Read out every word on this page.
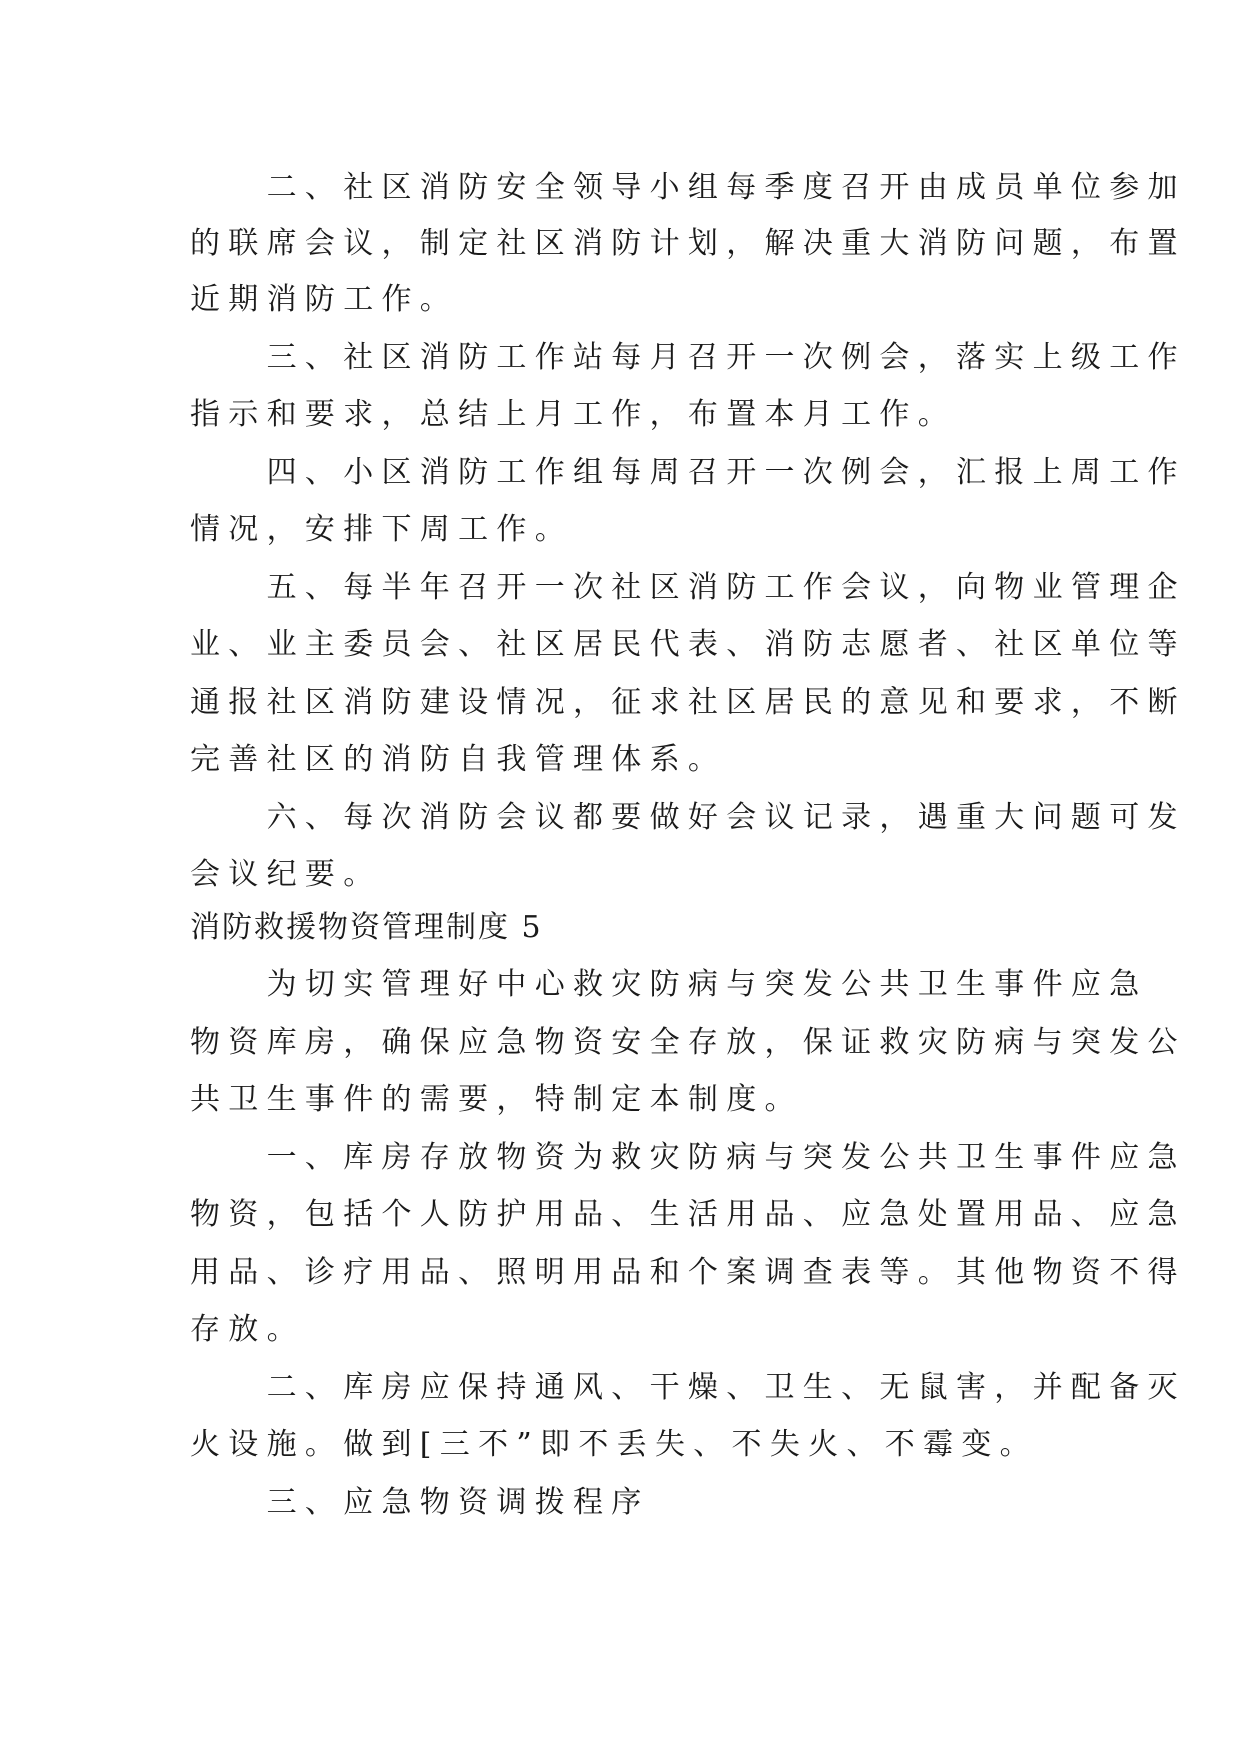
　　二、社区消防安全领导小组每季度召开由成员单位参加
的联席会议，制定社区消防计划，解决重大消防问题，布置
近期消防工作。
　　三、社区消防工作站每月召开一次例会，落实上级工作
指示和要求，总结上月工作，布置本月工作。
　　四、小区消防工作组每周召开一次例会，汇报上周工作
情况，安排下周工作。
　　五、每半年召开一次社区消防工作会议，向物业管理企
业、业主委员会、社区居民代表、消防志愿者、社区单位等
通报社区消防建设情况，征求社区居民的意见和要求，不断
完善社区的消防自我管理体系。
　　六、每次消防会议都要做好会议记录，遇重大问题可发
会议纪要。
消防救援物资管理制度 5
　　为切实管理好中心救灾防病与突发公共卫生事件应急
物资库房，确保应急物资安全存放，保证救灾防病与突发公
共卫生事件的需要，特制定本制度。
　　一、库房存放物资为救灾防病与突发公共卫生事件应急
物资，包括个人防护用品、生活用品、应急处置用品、应急
用品、诊疗用品、照明用品和个案调查表等。其他物资不得
存放。
　　二、库房应保持通风、干燥、卫生、无鼠害，并配备灭
火设施。做到[三不”即不丢失、不失火、不霉变。
　　三、应急物资调拨程序
